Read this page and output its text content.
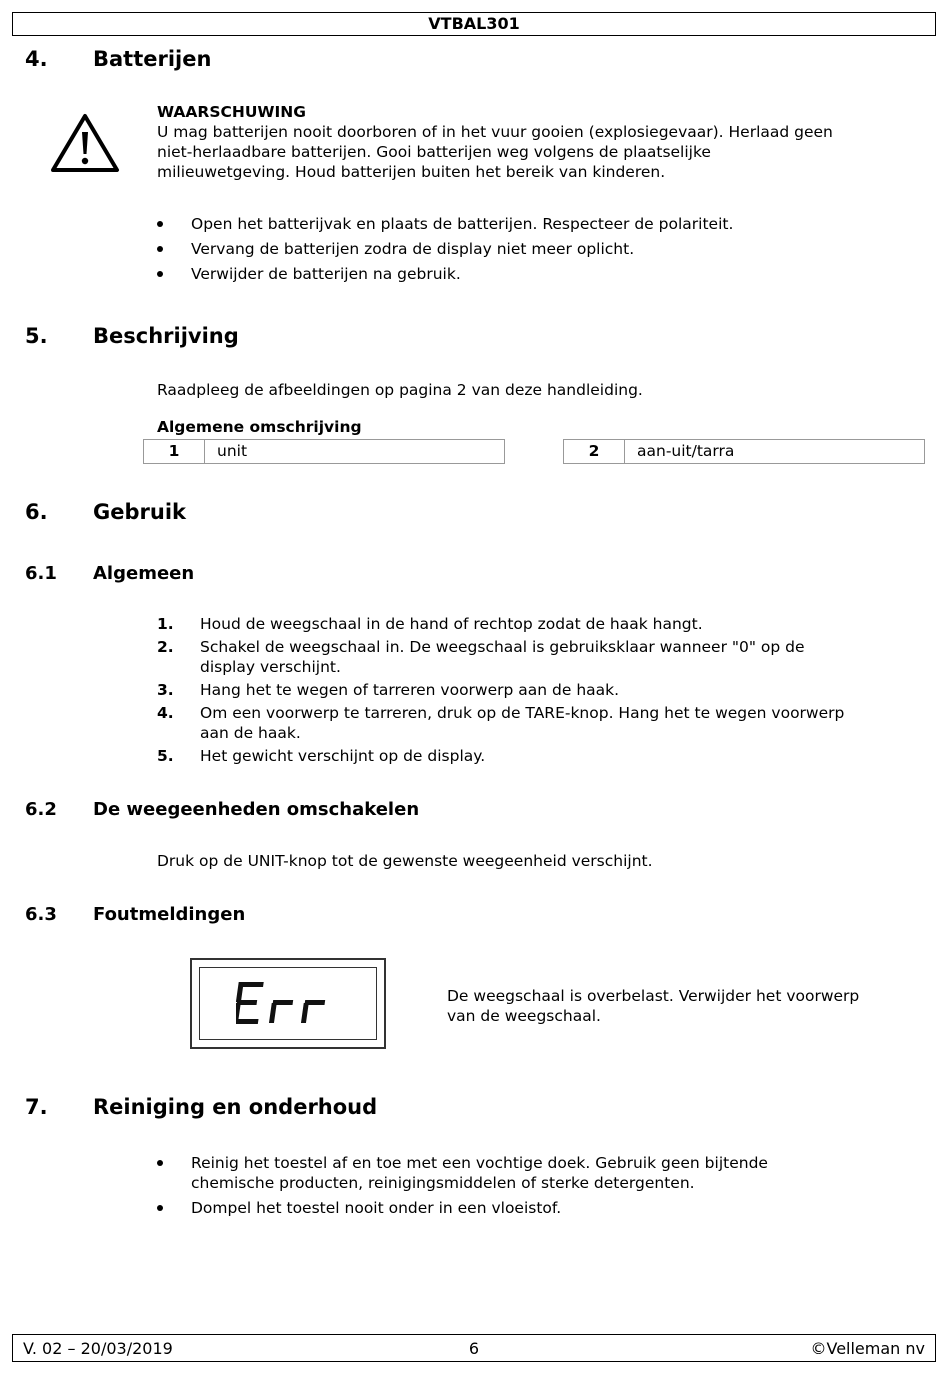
VTBAL301
4. Batterijen
WAARSCHUWING
U mag batterijen nooit doorboren of in het vuur gooien (explosiegevaar). Herlaad geen
niet-herlaadbare batterijen. Gooi batterijen weg volgens de plaatselijke
milieuwetgeving. Houd batterijen buiten het bereik van kinderen.
Open het batterijvak en plaats de batterijen. Respecteer de polariteit.
Vervang de batterijen zodra de display niet meer oplicht.
Verwijder de batterijen na gebruik.
5. Beschrijving
Raadpleeg de afbeeldingen op pagina 2 van deze handleiding.
Algemene omschrijving
1	unit	2	aan-uit/tarra
6. Gebruik
6.1 Algemeen
1. Houd de weegschaal in de hand of rechtop zodat de haak hangt.
2. Schakel de weegschaal in. De weegschaal is gebruiksklaar wanneer "0" op de
display verschijnt.
3. Hang het te wegen of tarreren voorwerp aan de haak.
4. Om een voorwerp te tarreren, druk op de TARE-knop. Hang het te wegen voorwerp
aan de haak.
5. Het gewicht verschijnt op de display.
6.2 De weegeenheden omschakelen
Druk op de UNIT-knop tot de gewenste weegeenheid verschijnt.
6.3 Foutmeldingen
De weegschaal is overbelast. Verwijder het voorwerp
van de weegschaal.
7. Reiniging en onderhoud
Reinig het toestel af en toe met een vochtige doek. Gebruik geen bijtende
chemische producten, reinigingsmiddelen of sterke detergenten.
Dompel het toestel nooit onder in een vloeistof.
V. 02 – 20/03/2019	6	©Velleman nv
